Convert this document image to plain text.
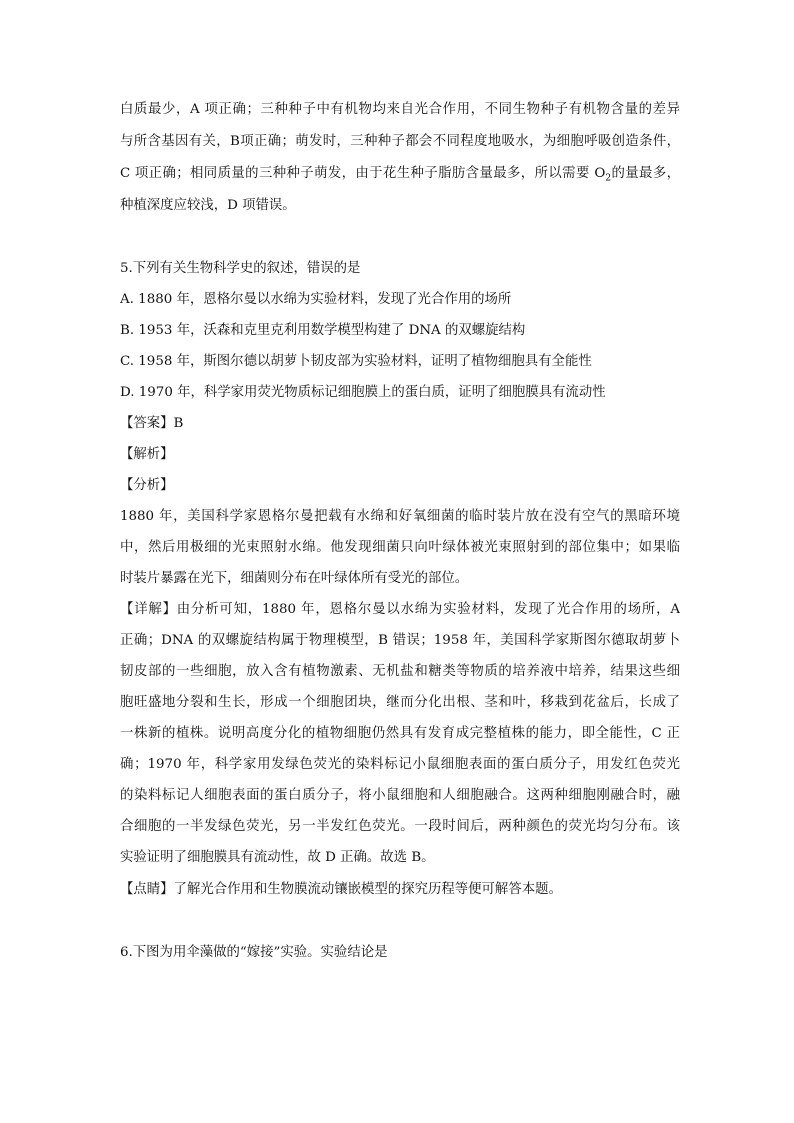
白质最少，A 项正确；三种种子中有机物均来自光合作用，不同生物种子有机物含量的差异
与所含基因有关，B项正确；萌发时，三种种子都会不同程度地吸水，为细胞呼吸创造条件，
C 项正确；相同质量的三种种子萌发，由于花生种子脂肪含量最多，所以需要 $O_2$的量最多，
种植深度应较浅，D 项错误。
5.下列有关生物科学史的叙述，错误的是
A. 1880 年，恩格尔曼以水绵为实验材料，发现了光合作用的场所
B. 1953 年，沃森和克里克利用数学模型构建了 DNA 的双螺旋结构
C. 1958 年，斯图尔德以胡萝卜韧皮部为实验材料，证明了植物细胞具有全能性
D. 1970 年，科学家用荧光物质标记细胞膜上的蛋白质，证明了细胞膜具有流动性
【答案】B
【解析】
【分析】
1880 年，美国科学家恩格尔曼把载有水绵和好氧细菌的临时装片放在没有空气的黑暗环境
中，然后用极细的光束照射水绵。他发现细菌只向叶绿体被光束照射到的部位集中；如果临
时装片暴露在光下，细菌则分布在叶绿体所有受光的部位。
【详解】由分析可知，1880 年，恩格尔曼以水绵为实验材料，发现了光合作用的场所，A
正确；DNA 的双螺旋结构属于物理模型，B 错误；1958 年，美国科学家斯图尔德取胡萝卜
韧皮部的一些细胞，放入含有植物激素、无机盐和糖类等物质的培养液中培养，结果这些细
胞旺盛地分裂和生长，形成一个细胞团块，继而分化出根、茎和叶，移栽到花盆后，长成了
一株新的植株。说明高度分化的植物细胞仍然具有发育成完整植株的能力，即全能性，C 正
确；1970 年，科学家用发绿色荧光的染料标记小鼠细胞表面的蛋白质分子，用发红色荧光
的染料标记人细胞表面的蛋白质分子，将小鼠细胞和人细胞融合。这两种细胞刚融合时，融
合细胞的一半发绿色荧光，另一半发红色荧光。一段时间后，两种颜色的荧光均匀分布。该
实验证明了细胞膜具有流动性，故 D 正确。故选 B。
【点睛】了解光合作用和生物膜流动镶嵌模型的探究历程等便可解答本题。
6.下图为用伞藻做的“嫁接”实验。实验结论是
